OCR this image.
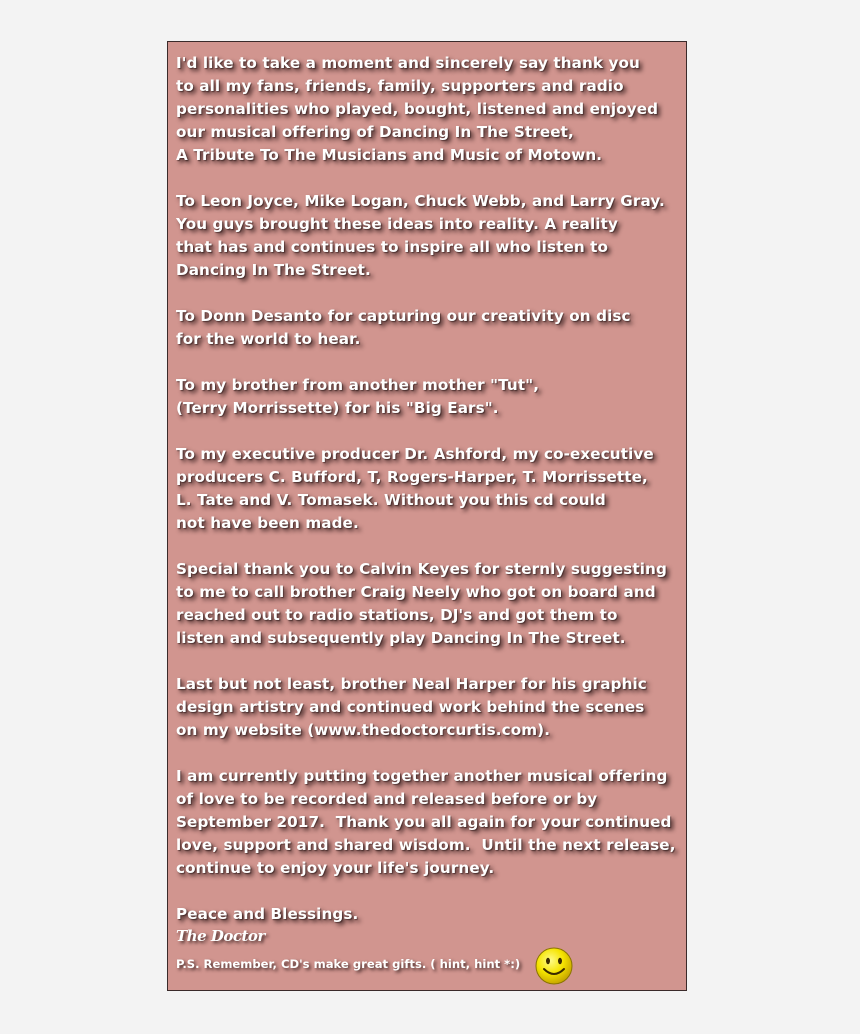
I'd like to take a moment and sincerely say thank you
to all my fans, friends, family, supporters and radio
personalities who played, bought, listened and enjoyed
our musical offering of Dancing In The Street,
A Tribute To The Musicians and Music of Motown.
To Leon Joyce, Mike Logan, Chuck Webb, and Larry Gray.
You guys brought these ideas into reality. A reality
that has and continues to inspire all who listen to
Dancing In The Street.
To Donn Desanto for capturing our creativity on disc
for the world to hear.
To my brother from another mother "Tut",
(Terry Morrissette) for his "Big Ears".
To my executive producer Dr. Ashford, my co-executive
producers C. Bufford, T, Rogers-Harper, T. Morrissette,
L. Tate and V. Tomasek. Without you this cd could
not have been made.
Special thank you to Calvin Keyes for sternly suggesting
to me to call brother Craig Neely who got on board and
reached out to radio stations, DJ's and got them to
listen and subsequently play Dancing In The Street.
Last but not least, brother Neal Harper for his graphic
design artistry and continued work behind the scenes
on my website (www.thedoctorcurtis.com).
I am currently putting together another musical offering
of love to be recorded and released before or by
September 2017.  Thank you all again for your continued
love, support and shared wisdom.  Until the next release,
continue to enjoy your life's journey.
Peace and Blessings.
The Doctor
P.S. Remember, CD's make great gifts. ( hint, hint *:)
